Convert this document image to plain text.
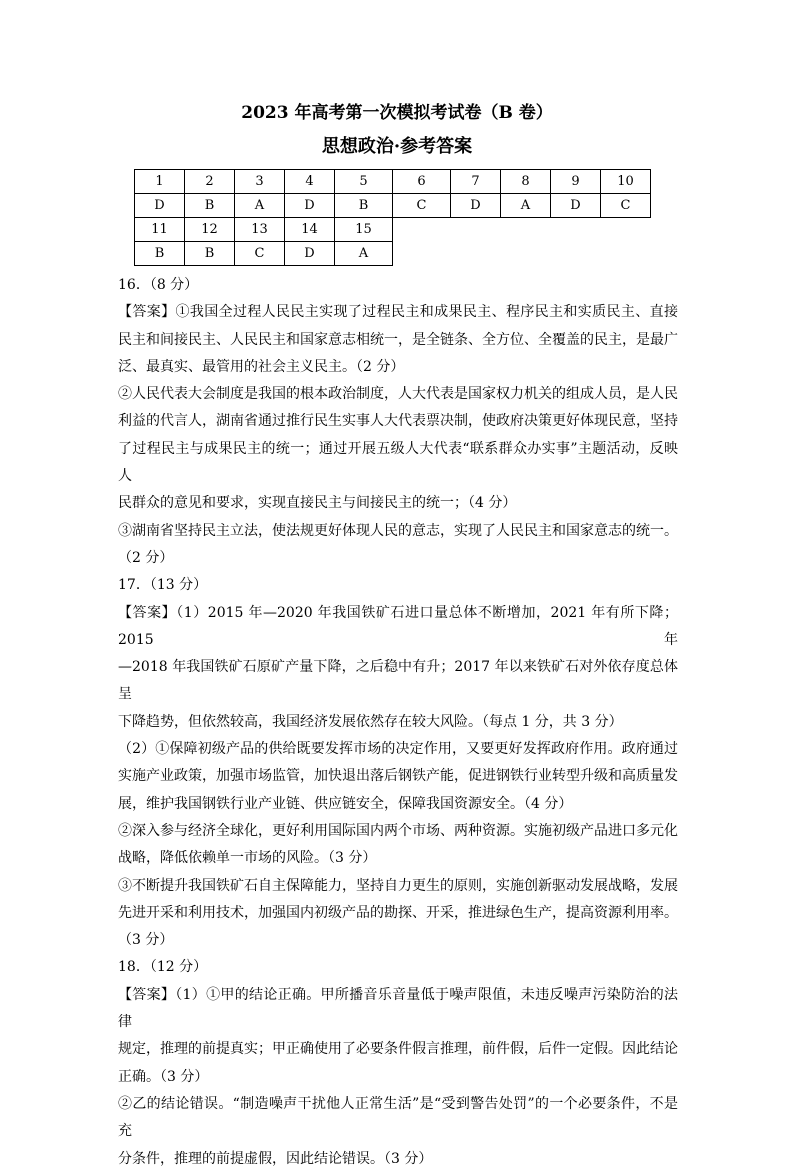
2023 年高考第一次模拟考试卷（B 卷）
思想政治·参考答案
1	2	3	4	5	6	7	8	9	10
D	B	A	D	B	C	D	A	D	C
11	12	13	14	15					
B	B	C	D	A					
16．（8 分）
【答案】①我国全过程人民民主实现了过程民主和成果民主、程序民主和实质民主、直接
民主和间接民主、人民民主和国家意志相统一，是全链条、全方位、全覆盖的民主，是最广
泛、最真实、最管用的社会主义民主。（2 分）
②人民代表大会制度是我国的根本政治制度，人大代表是国家权力机关的组成人员，是人民
利益的代言人，湖南省通过推行民生实事人大代表票决制，使政府决策更好体现民意，坚持
了过程民主与成果民主的统一；通过开展五级人大代表“联系群众办实事”主题活动，反映人
民群众的意见和要求，实现直接民主与间接民主的统一；（4 分）
③湖南省坚持民主立法，使法规更好体现人民的意志，实现了人民民主和国家意志的统一。
（2 分）
17．（13 分）
【答案】（1）2015 年—2020 年我国铁矿石进口量总体不断增加，2021 年有所下降；2015 年
—2018 年我国铁矿石原矿产量下降，之后稳中有升；2017 年以来铁矿石对外依存度总体呈
下降趋势，但依然较高，我国经济发展依然存在较大风险。（每点 1 分，共 3 分）
（2）①保障初级产品的供给既要发挥市场的决定作用，又要更好发挥政府作用。政府通过
实施产业政策，加强市场监管，加快退出落后钢铁产能，促进钢铁行业转型升级和高质量发
展，维护我国钢铁行业产业链、供应链安全，保障我国资源安全。（4 分）
②深入参与经济全球化，更好利用国际国内两个市场、两种资源。实施初级产品进口多元化
战略，降低依赖单一市场的风险。（3 分）
③不断提升我国铁矿石自主保障能力，坚持自力更生的原则，实施创新驱动发展战略，发展
先进开采和利用技术，加强国内初级产品的勘探、开采，推进绿色生产，提高资源利用率。
（3 分）
18．（12 分）
【答案】（1）①甲的结论正确。甲所播音乐音量低于噪声限值，未违反噪声污染防治的法律
规定，推理的前提真实；甲正确使用了必要条件假言推理，前件假，后件一定假。因此结论
正确。（3 分）
②乙的结论错误。“制造噪声干扰他人正常生活”是“受到警告处罚”的一个必要条件，不是充
分条件，推理的前提虚假，因此结论错误。（3 分）
